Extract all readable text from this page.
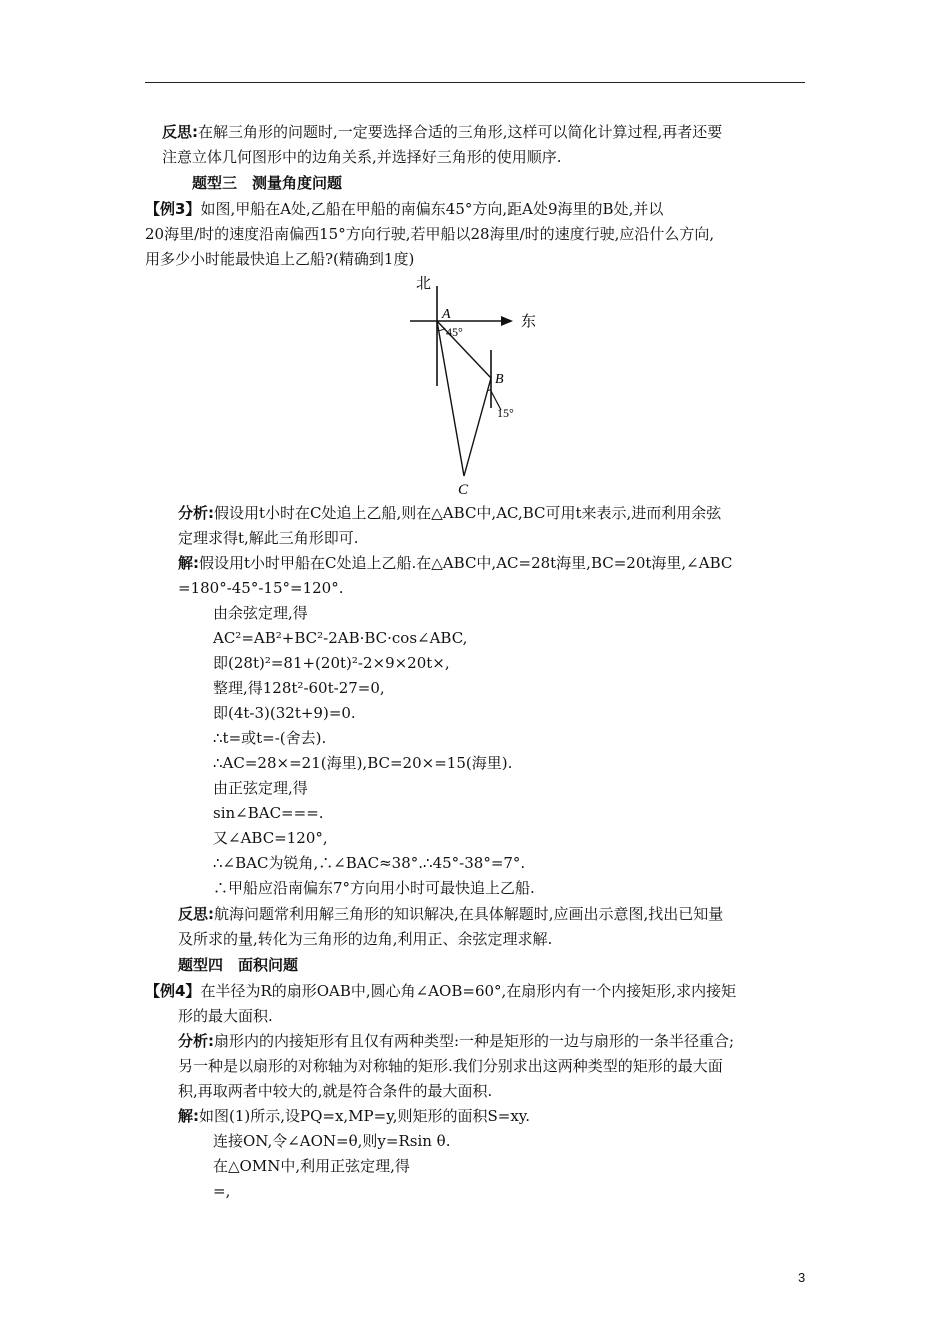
反思:在解三角形的问题时,一定要选择合适的三角形,这样可以简化计算过程,再者还要
注意立体几何图形中的边角关系,并选择好三角形的使用顺序.
题型三　测量角度问题
【例3】如图,甲船在A处,乙船在甲船的南偏东45°方向,距A处9海里的B处,并以
20海里/时的速度沿南偏西15°方向行驶,若甲船以28海里/时的速度行驶,应沿什么方向,
用多少小时能最快追上乙船?(精确到1度)
北
东
A
45°
B
15°
C
分析:假设用t小时在C处追上乙船,则在△ABC中,AC,BC可用t来表示,进而利用余弦
定理求得t,解此三角形即可.
解:假设用t小时甲船在C处追上乙船.在△ABC中,AC=28t海里,BC=20t海里,∠ABC
=180°-45°-15°=120°.
由余弦定理,得
AC²=AB²+BC²-2AB·BC·cos∠ABC,
即(28t)²=81+(20t)²-2×9×20t×,
整理,得128t²-60t-27=0,
即(4t-3)(32t+9)=0.
∴t=或t=-(舍去).
∴AC=28×=21(海里),BC=20×=15(海里).
由正弦定理,得
sin∠BAC===.
又∠ABC=120°,
∴∠BAC为锐角,∴∠BAC≈38°.∴45°-38°=7°.
∴甲船应沿南偏东7°方向用小时可最快追上乙船.
反思:航海问题常利用解三角形的知识解决,在具体解题时,应画出示意图,找出已知量
及所求的量,转化为三角形的边角,利用正、余弦定理求解.
题型四　面积问题
【例4】在半径为R的扇形OAB中,圆心角∠AOB=60°,在扇形内有一个内接矩形,求内接矩
形的最大面积.
分析:扇形内的内接矩形有且仅有两种类型:一种是矩形的一边与扇形的一条半径重合;
另一种是以扇形的对称轴为对称轴的矩形.我们分别求出这两种类型的矩形的最大面
积,再取两者中较大的,就是符合条件的最大面积.
解:如图(1)所示,设PQ=x,MP=y,则矩形的面积S=xy.
连接ON,令∠AON=θ,则y=Rsin θ.
在△OMN中,利用正弦定理,得
=,
3
